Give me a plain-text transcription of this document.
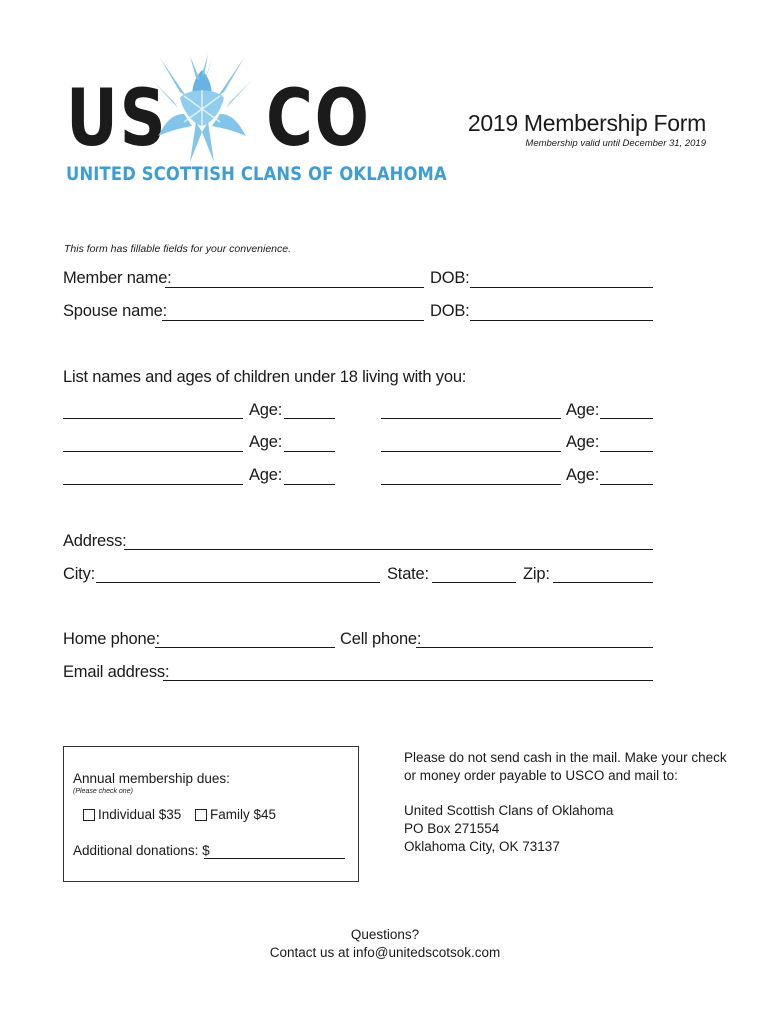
US CO
UNITED SCOTTISH CLANS OF OKLAHOMA
2019 Membership Form
Membership valid until December 31, 2019
This form has fillable fields for your convenience.
Member name:	DOB:
Spouse name:	DOB:
List names and ages of children under 18 living with you:
Age:	Age:
Age:	Age:
Age:	Age:
Address:
City:	State:	Zip:
Home phone:	Cell phone:
Email address:
Annual membership dues:
(Please check one)
Individual $35 Family $45
Additional donations: $
Please do not send cash in the mail. Make your check
or money order payable to USCO and mail to:
United Scottish Clans of Oklahoma
PO Box 271554
Oklahoma City, OK 73137
Questions?
Contact us at info@unitedscotsok.com
